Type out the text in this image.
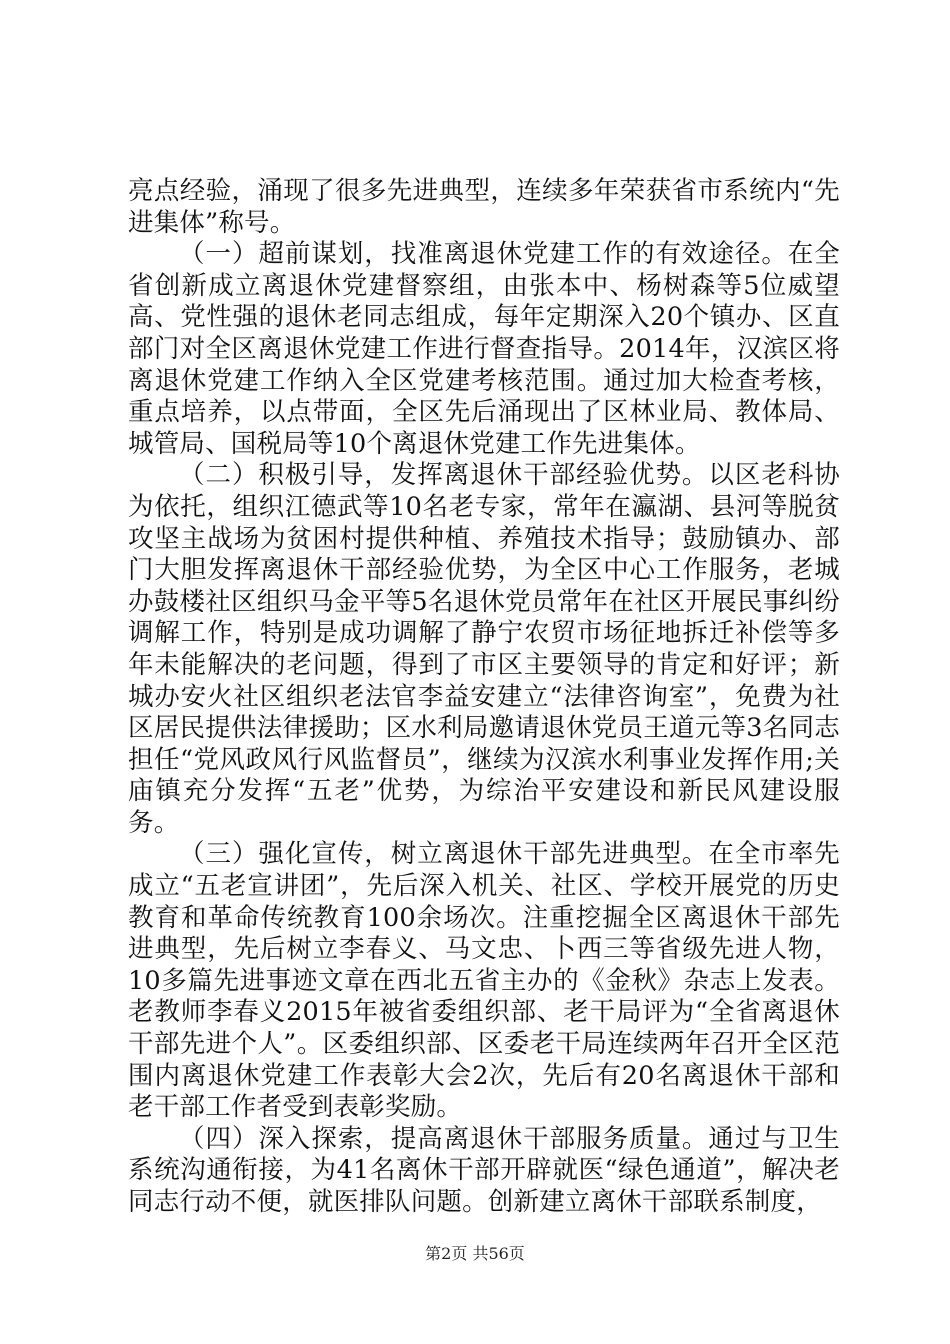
亮点经验，涌现了很多先进典型，连续多年荣获省市系统内“先进集体”称号。

（一）超前谋划，找准离退休党建工作的有效途径。在全省创新成立离退休党建督察组，由张本中、杨树森等5位威望高、党性强的退休老同志组成，每年定期深入20个镇办、区直部门对全区离退休党建工作进行督查指导。2014年，汉滨区将离退休党建工作纳入全区党建考核范围。通过加大检查考核，重点培养，以点带面，全区先后涌现出了区林业局、教体局、城管局、国税局等10个离退休党建工作先进集体。

（二）积极引导，发挥离退休干部经验优势。以区老科协为依托，组织江德武等10名老专家，常年在瀛湖、县河等脱贫攻坚主战场为贫困村提供种植、养殖技术指导；鼓励镇办、部门大胆发挥离退休干部经验优势，为全区中心工作服务，老城办鼓楼社区组织马金平等5名退休党员常年在社区开展民事纠纷调解工作，特别是成功调解了静宁农贸市场征地拆迁补偿等多年未能解决的老问题，得到了市区主要领导的肯定和好评；新城办安火社区组织老法官李益安建立“法律咨询室”，免费为社区居民提供法律援助；区水利局邀请退休党员王道元等3名同志担任“党风政风行风监督员”，继续为汉滨水利事业发挥作用;关庙镇充分发挥“五老”优势，为综治平安建设和新民风建设服务。

（三）强化宣传，树立离退休干部先进典型。在全市率先成立“五老宣讲团”，先后深入机关、社区、学校开展党的历史教育和革命传统教育100余场次。注重挖掘全区离退休干部先进典型，先后树立李春义、马文忠、卜西三等省级先进人物，10多篇先进事迹文章在西北五省主办的《金秋》杂志上发表。老教师李春义2015年被省委组织部、老干局评为“全省离退休干部先进个人”。区委组织部、区委老干局连续两年召开全区范围内离退休党建工作表彰大会2次，先后有20名离退休干部和老干部工作者受到表彰奖励。

（四）深入探索，提高离退休干部服务质量。通过与卫生系统沟通衔接，为41名离休干部开辟就医“绿色通道”，解决老同志行动不便，就医排队问题。创新建立离休干部联系制度，

第2页 共56页
